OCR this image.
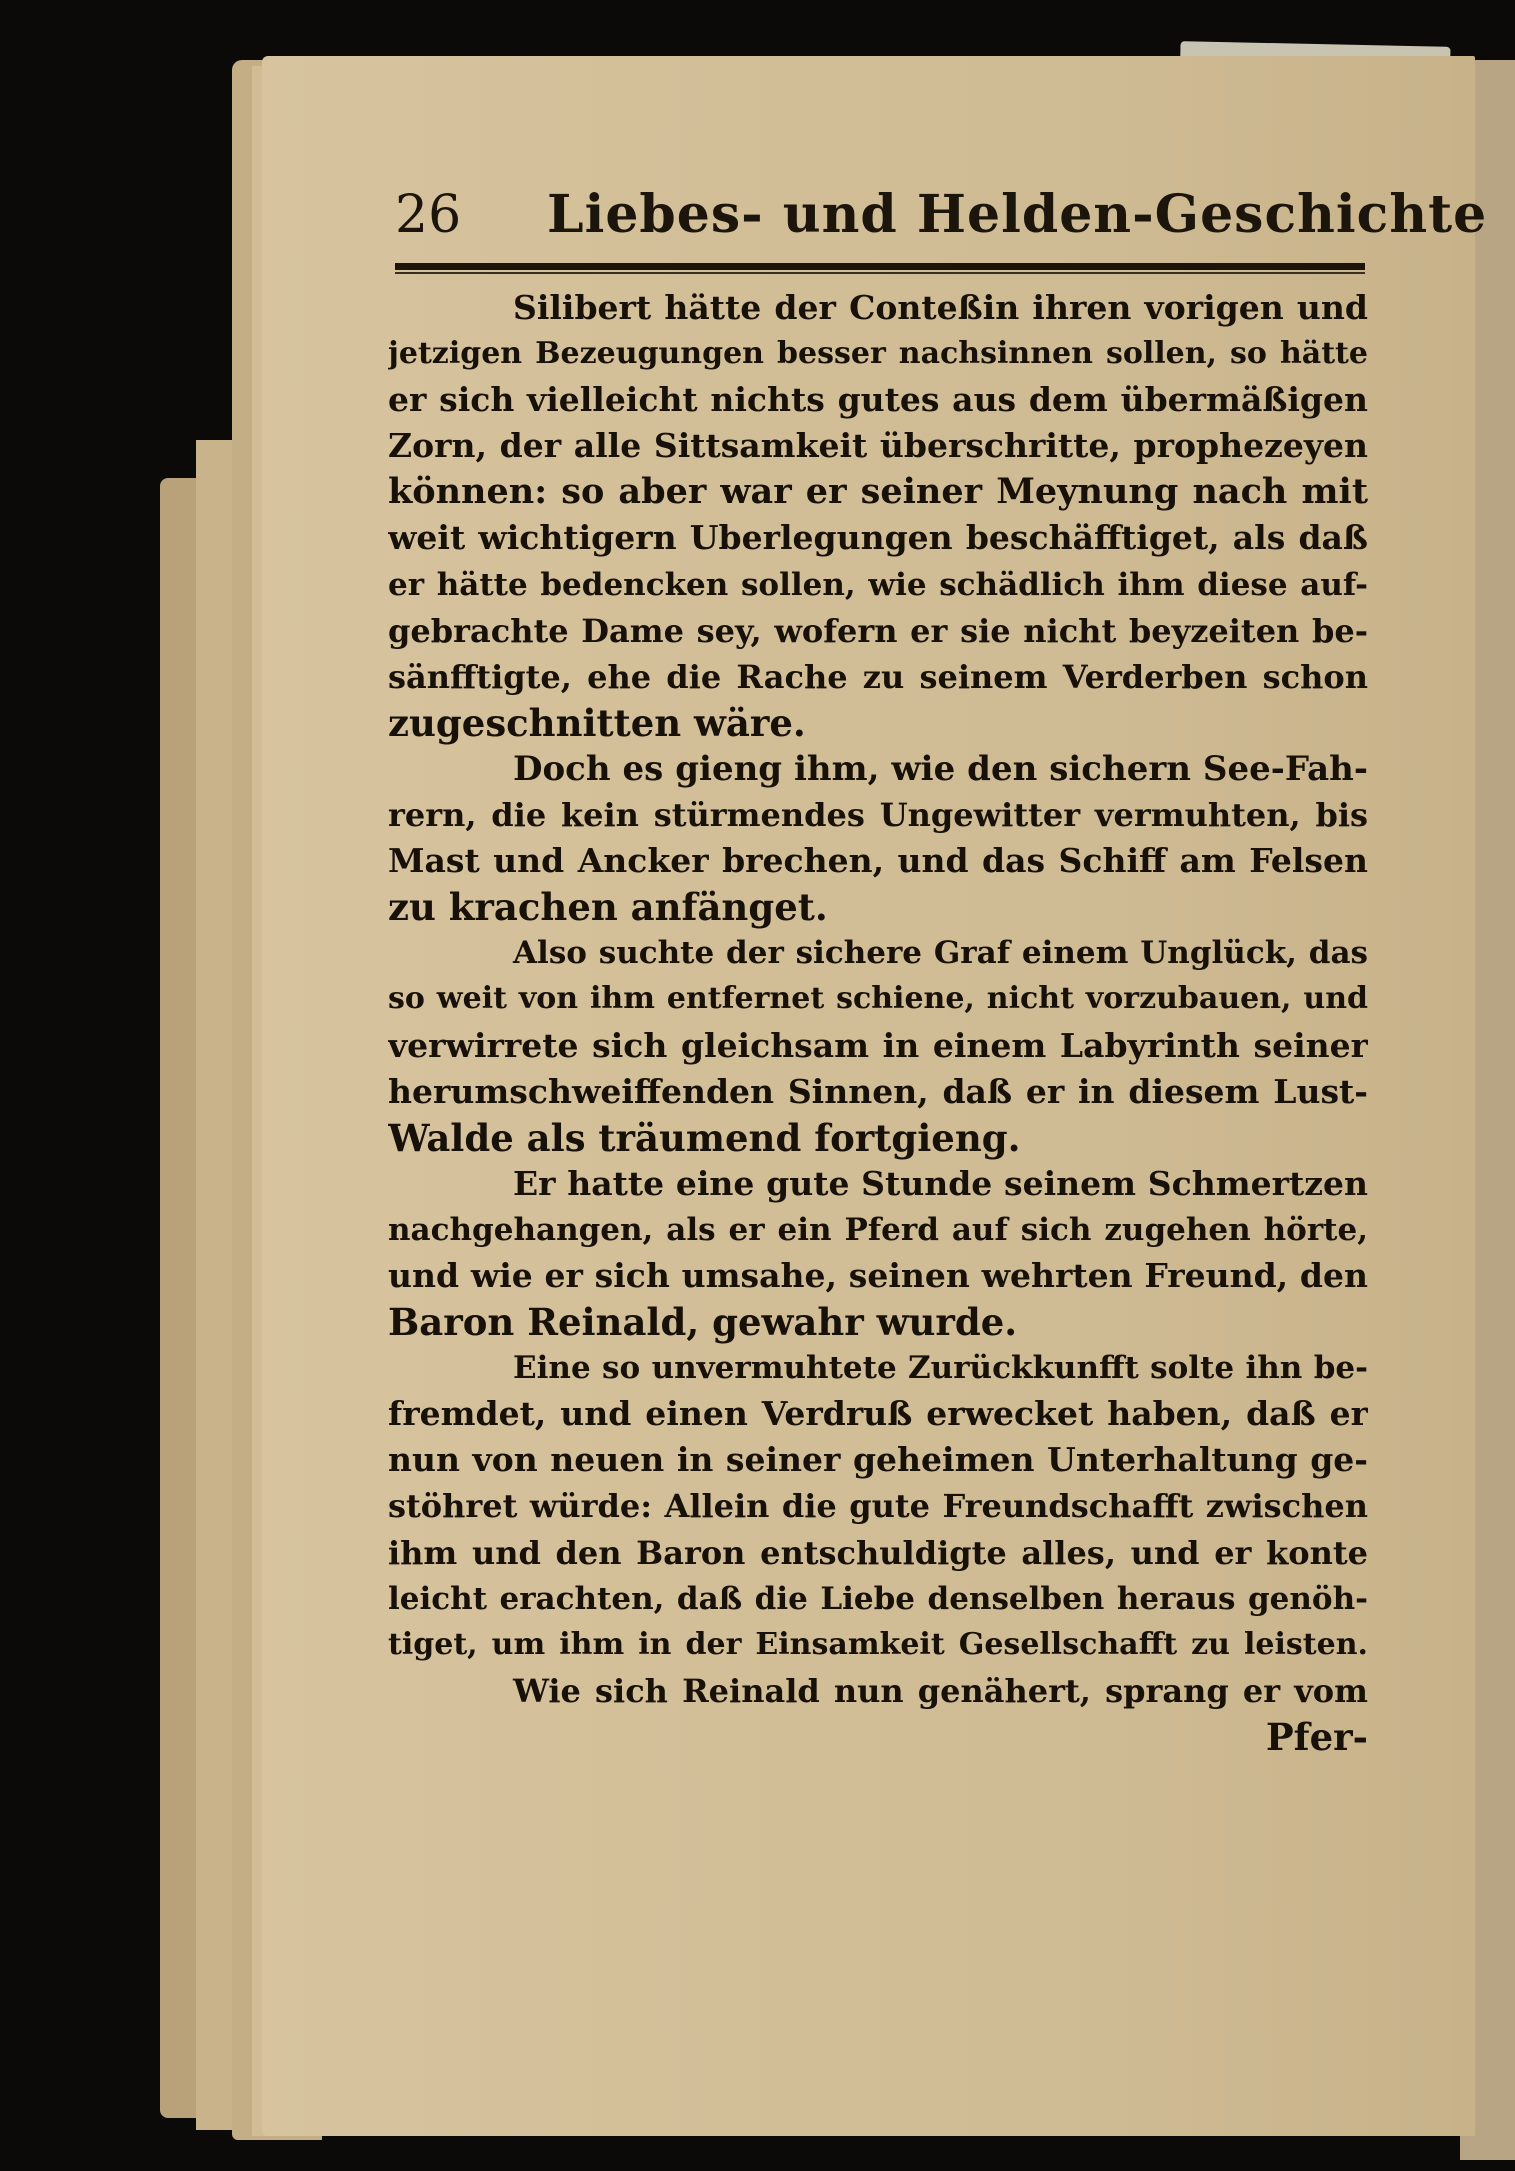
26 Liebes- und Helden-Geschichte
Silibert hätte der Conteßin ihren vorigen und
jetzigen Bezeugungen besser nachsinnen sollen, so hätte
er sich vielleicht nichts gutes aus dem übermäßigen
Zorn, der alle Sittsamkeit überschritte, prophezeyen
können: so aber war er seiner Meynung nach mit
weit wichtigern Uberlegungen beschäfftiget, als daß
er hätte bedencken sollen, wie schädlich ihm diese auf-
gebrachte Dame sey, wofern er sie nicht beyzeiten be-
sänfftigte, ehe die Rache zu seinem Verderben schon
zugeschnitten wäre.
Doch es gieng ihm, wie den sichern See-Fah-
rern, die kein stürmendes Ungewitter vermuhten, bis
Mast und Ancker brechen, und das Schiff am Felsen
zu krachen anfänget.
Also suchte der sichere Graf einem Unglück, das
so weit von ihm entfernet schiene, nicht vorzubauen, und
verwirrete sich gleichsam in einem Labyrinth seiner
herumschweiffenden Sinnen, daß er in diesem Lust-
Walde als träumend fortgieng.
Er hatte eine gute Stunde seinem Schmertzen
nachgehangen, als er ein Pferd auf sich zugehen hörte,
und wie er sich umsahe, seinen wehrten Freund, den
Baron Reinald, gewahr wurde.
Eine so unvermuhtete Zurückkunfft solte ihn be-
fremdet, und einen Verdruß erwecket haben, daß er
nun von neuen in seiner geheimen Unterhaltung ge-
stöhret würde: Allein die gute Freundschafft zwischen
ihm und den Baron entschuldigte alles, und er konte
leicht erachten, daß die Liebe denselben heraus genöh-
tiget, um ihm in der Einsamkeit Gesellschafft zu leisten.
Wie sich Reinald nun genähert, sprang er vom
Pfer-
